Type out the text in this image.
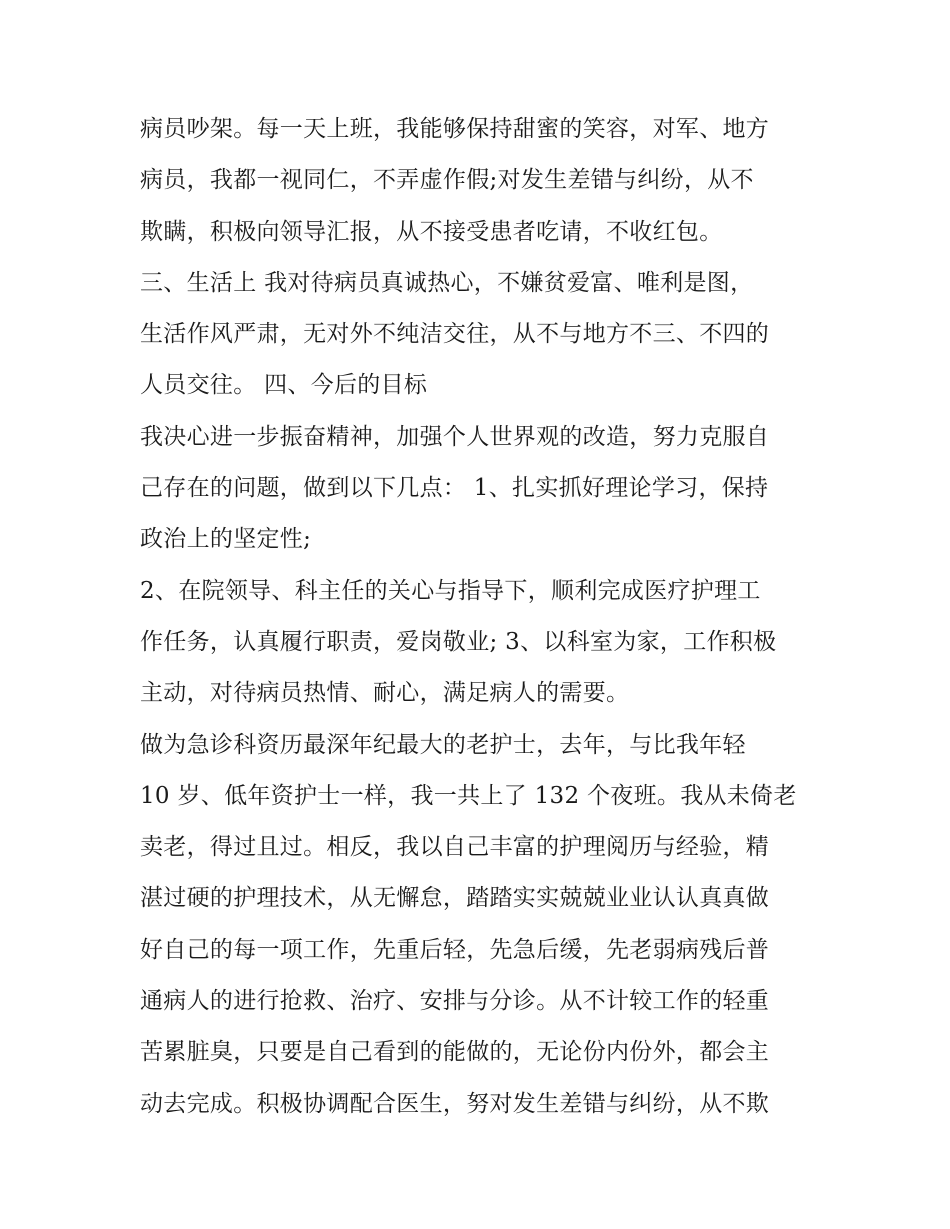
病员吵架。每一天上班，我能够保持甜蜜的笑容，对军、地方
病员，我都一视同仁，不弄虚作假;对发生差错与纠纷，从不
欺瞒，积极向领导汇报，从不接受患者吃请，不收红包。
三、生活上 我对待病员真诚热心，不嫌贫爱富、唯利是图，
生活作风严肃，无对外不纯洁交往，从不与地方不三、不四的
人员交往。 四、今后的目标
我决心进一步振奋精神，加强个人世界观的改造，努力克服自
己存在的问题，做到以下几点： 1、扎实抓好理论学习，保持
政治上的坚定性;
2、在院领导、科主任的关心与指导下，顺利完成医疗护理工
作任务，认真履行职责，爱岗敬业; 3、以科室为家，工作积极
主动，对待病员热情、耐心，满足病人的需要。
做为急诊科资历最深年纪最大的老护士，去年，与比我年轻
10 岁、低年资护士一样，我一共上了 132 个夜班。我从未倚老
卖老，得过且过。相反，我以自己丰富的护理阅历与经验，精
湛过硬的护理技术，从无懈怠，踏踏实实兢兢业业认认真真做
好自己的每一项工作，先重后轻，先急后缓，先老弱病残后普
通病人的进行抢救、治疗、安排与分诊。从不计较工作的轻重
苦累脏臭，只要是自己看到的能做的，无论份内份外，都会主
动去完成。积极协调配合医生，努对发生差错与纠纷，从不欺
